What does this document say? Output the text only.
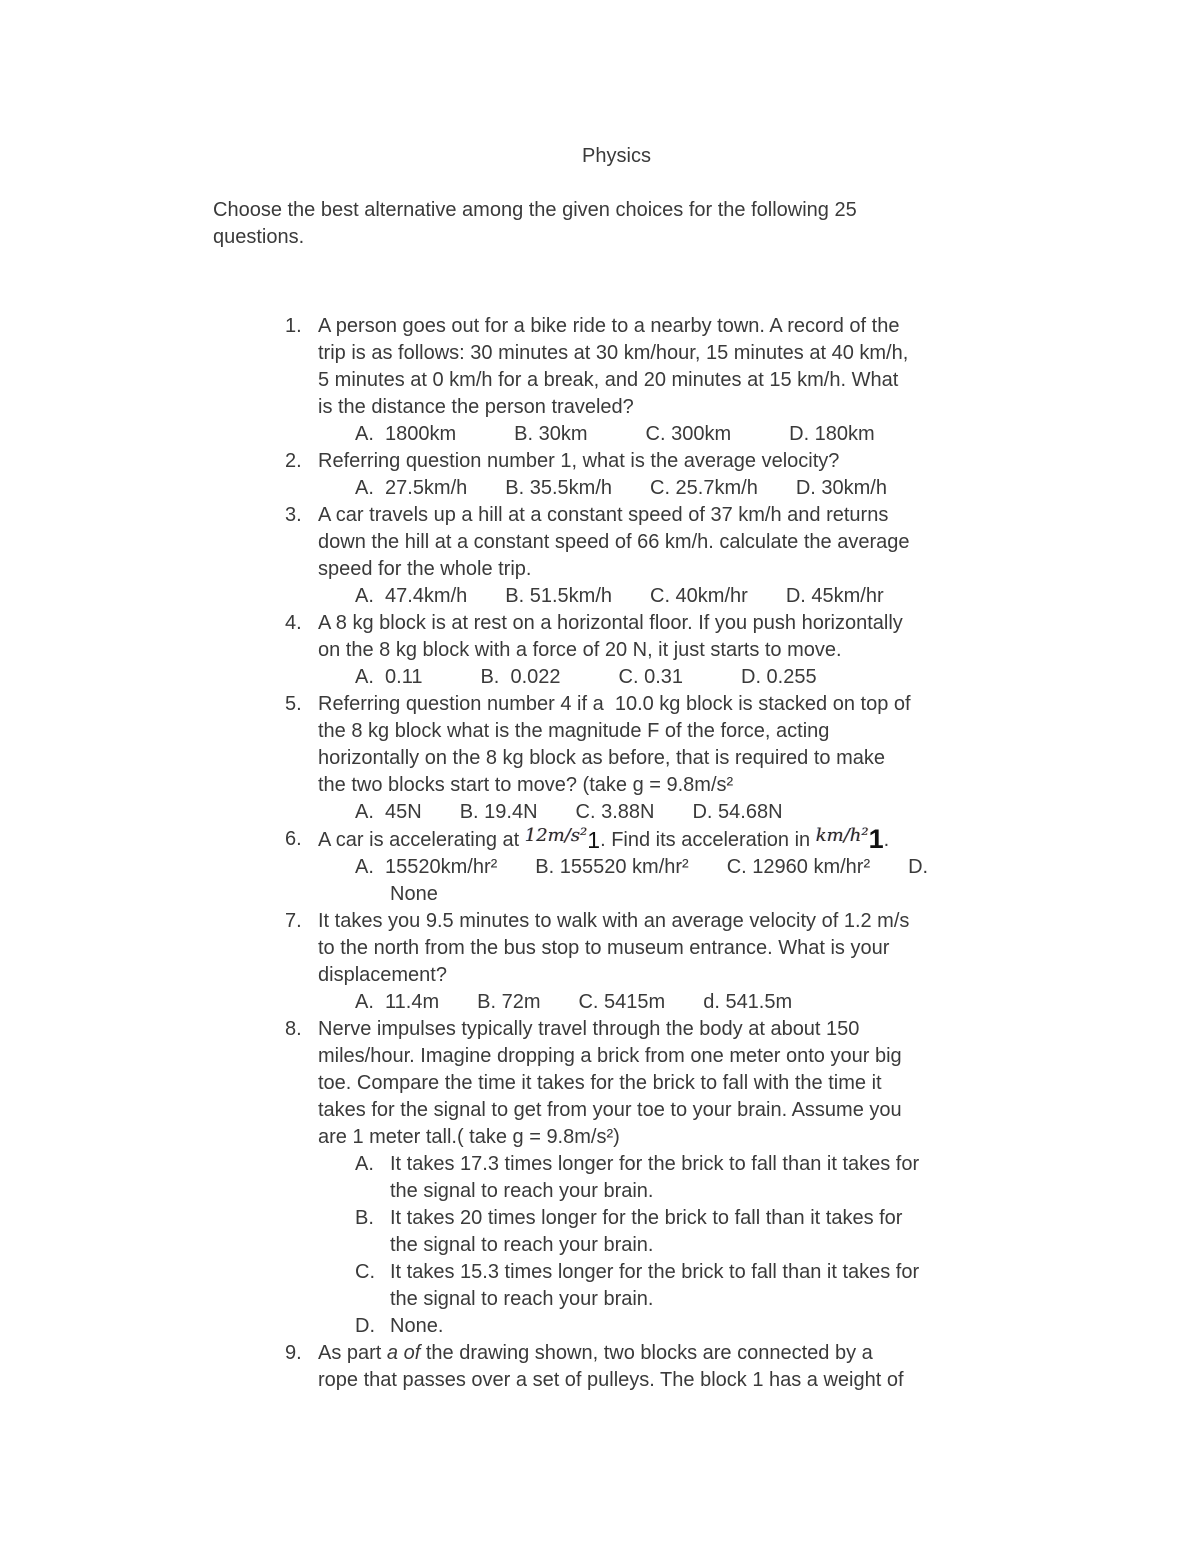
Physics
Choose the best alternative among the given choices for the following 25
questions.
1. A person goes out for a bike ride to a nearby town. A record of the
trip is as follows: 30 minutes at 30 km/hour, 15 minutes at 40 km/h,
5 minutes at 0 km/h for a break, and 20 minutes at 15 km/h. What
is the distance the person traveled?
A.  1800km	B. 30km	C. 300km	D. 180km
2. Referring question number 1, what is the average velocity?
A.  27.5km/h B. 35.5km/h C. 25.7km/h D. 30km/h
3. A car travels up a hill at a constant speed of 37 km/h and returns
down the hill at a constant speed of 66 km/h. calculate the average
speed for the whole trip.
A.  47.4km/h B. 51.5km/h C. 40km/hr D. 45km/hr
4. A 8 kg block is at rest on a horizontal floor. If you push horizontally
on the 8 kg block with a force of 20 N, it just starts to move.
A.  0.11	B.  0.022	C. 0.31	D. 0.255
5. Referring question number 4 if a  10.0 kg block is stacked on top of
the 8 kg block what is the magnitude F of the force, acting
horizontally on the 8 kg block as before, that is required to make
the two blocks start to move? (take g = 9.8m/s²
A.  45N B. 19.4N C. 3.88N D. 54.68N
6. A car is accelerating at 12m/s²1. Find its acceleration in km/h²1.
A.  15520km/hr² B. 155520 km/hr² C. 12960 km/hr² D.
None
7. It takes you 9.5 minutes to walk with an average velocity of 1.2 m/s
to the north from the bus stop to museum entrance. What is your
displacement?
A.  11.4m B. 72m C. 5415m d. 541.5m
8. Nerve impulses typically travel through the body at about 150
miles/hour. Imagine dropping a brick from one meter onto your big
toe. Compare the time it takes for the brick to fall with the time it
takes for the signal to get from your toe to your brain. Assume you
are 1 meter tall.( take g = 9.8m/s²)
A. It takes 17.3 times longer for the brick to fall than it takes for
the signal to reach your brain.
B. It takes 20 times longer for the brick to fall than it takes for
the signal to reach your brain.
C. It takes 15.3 times longer for the brick to fall than it takes for
the signal to reach your brain.
D. None.
9. As part a of the drawing shown, two blocks are connected by a
rope that passes over a set of pulleys. The block 1 has a weight of
